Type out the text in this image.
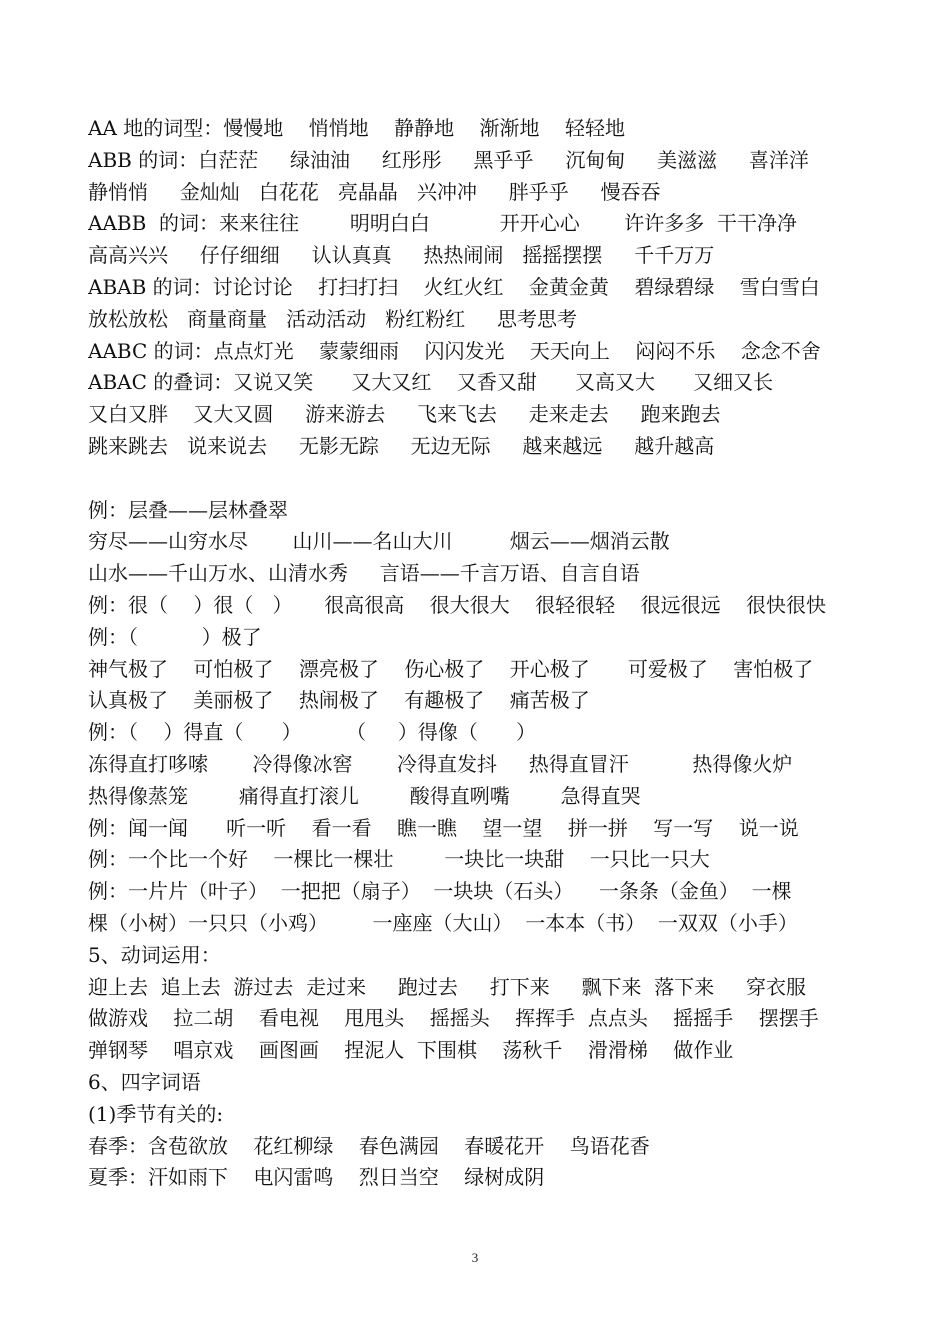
AA 地的词型：慢慢地    悄悄地    静静地    渐渐地    轻轻地
ABB 的词：白茫茫     绿油油     红彤彤     黑乎乎     沉甸甸     美滋滋     喜洋洋
静悄悄     金灿灿   白花花   亮晶晶   兴冲冲     胖乎乎     慢吞吞
AABB  的词：来来往往        明明白白           开开心心       许许多多  干干净净
高高兴兴     仔仔细细     认认真真     热热闹闹   摇摇摆摆     千千万万
ABAB 的词：讨论讨论    打扫打扫    火红火红    金黄金黄    碧绿碧绿    雪白雪白
放松放松   商量商量   活动活动   粉红粉红     思考思考
AABC 的词：点点灯光    蒙蒙细雨    闪闪发光    天天向上    闷闷不乐    念念不舍
ABAC 的叠词：又说又笑      又大又红    又香又甜      又高又大      又细又长
又白又胖    又大又圆     游来游去     飞来飞去     走来走去     跑来跑去
跳来跳去   说来说去     无影无踪     无边无际     越来越远     越升越高
例：层叠——层林叠翠
穷尽——山穷水尽       山川——名山大川         烟云——烟消云散
山水——千山万水、山清水秀     言语——千言万语、自言自语
例：很（    ）很（   ）     很高很高    很大很大    很轻很轻    很远很远    很快很快
例：（          ）极了
神气极了    可怕极了    漂亮极了    伤心极了    开心极了      可爱极了    害怕极了
认真极了    美丽极了    热闹极了    有趣极了    痛苦极了
例：（    ）得直（      ）       （     ）得像（      ）
冻得直打哆嗦       冷得像冰窖       冷得直发抖     热得直冒汗          热得像火炉
热得像蒸笼        痛得直打滚儿        酸得直咧嘴        急得直哭
例：闻一闻      听一听    看一看    瞧一瞧    望一望    拼一拼    写一写    说一说
例：一个比一个好    一棵比一棵壮        一块比一块甜    一只比一只大
例：一片片（叶子）  一把把（扇子）  一块块（石头）    一条条（金鱼）  一棵
棵（小树）一只只（小鸡）       一座座（大山）  一本本（书）  一双双（小手）
5、动词运用：
迎上去  追上去  游过去  走过来     跑过去     打下来     飘下来  落下来     穿衣服
做游戏    拉二胡    看电视    甩甩头    摇摇头    挥挥手  点点头    摇摇手    摆摆手
弹钢琴    唱京戏    画图画    捏泥人  下围棋    荡秋千    滑滑梯    做作业
6、四字词语
(1)季节有关的:
春季：含苞欲放    花红柳绿    春色满园    春暖花开    鸟语花香
夏季：汗如雨下    电闪雷鸣    烈日当空    绿树成阴
3
